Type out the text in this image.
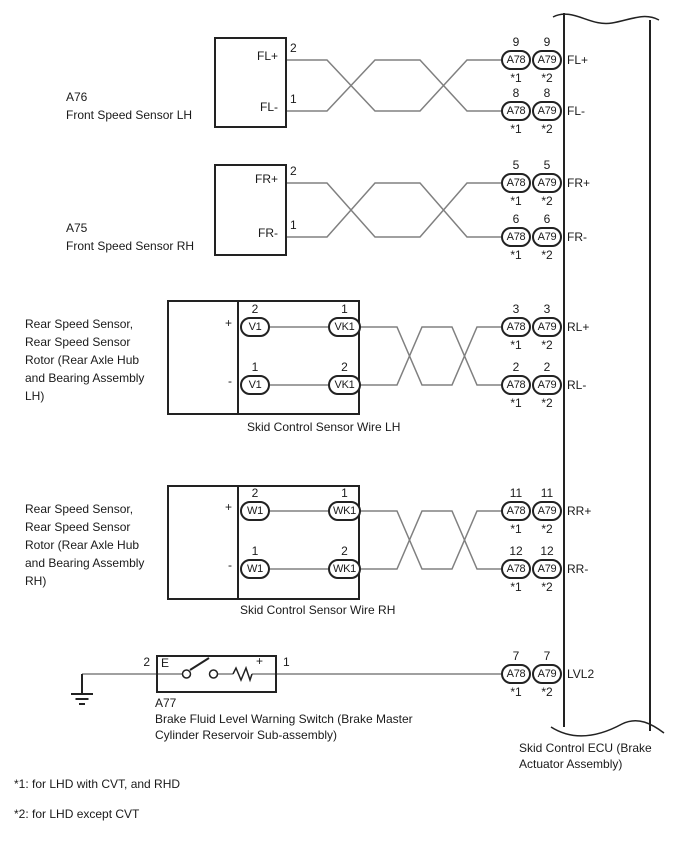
A76
Front Speed Sensor LH
FL+
FL-
2
1
A75
Front Speed Sensor RH
FR+
FR-
2
1
Rear Speed Sensor,
Rear Speed Sensor
Rotor (Rear Axle Hub
and Bearing Assembly
LH)
+
-
Skid Control Sensor Wire LH
2	1
V1	VK1
1	2
V1	VK1
Rear Speed Sensor,
Rear Speed Sensor
Rotor (Rear Axle Hub
and Bearing Assembly
RH)
+
-
Skid Control Sensor Wire RH
2	1
W1	WK1
1	2
W1	WK1
2 E	+ 1
A77
Brake Fluid Level Warning Switch (Brake Master
Cylinder Reservoir Sub-assembly)
9	9
A78	A79
*1	*2
FL+
8	8
A78	A79
*1	*2
FL-
5	5
A78	A79
*1	*2
FR+
6	6
A78	A79
*1	*2
FR-
3	3
A78	A79
*1	*2
RL+
2	2
A78	A79
*1	*2
RL-
11	11
A78	A79
*1	*2
RR+
12	12
A78	A79
*1	*2
RR-
7	7
A78	A79
*1	*2
LVL2
Skid Control ECU (Brake
Actuator Assembly)
*1: for LHD with CVT, and RHD
*2: for LHD except CVT
